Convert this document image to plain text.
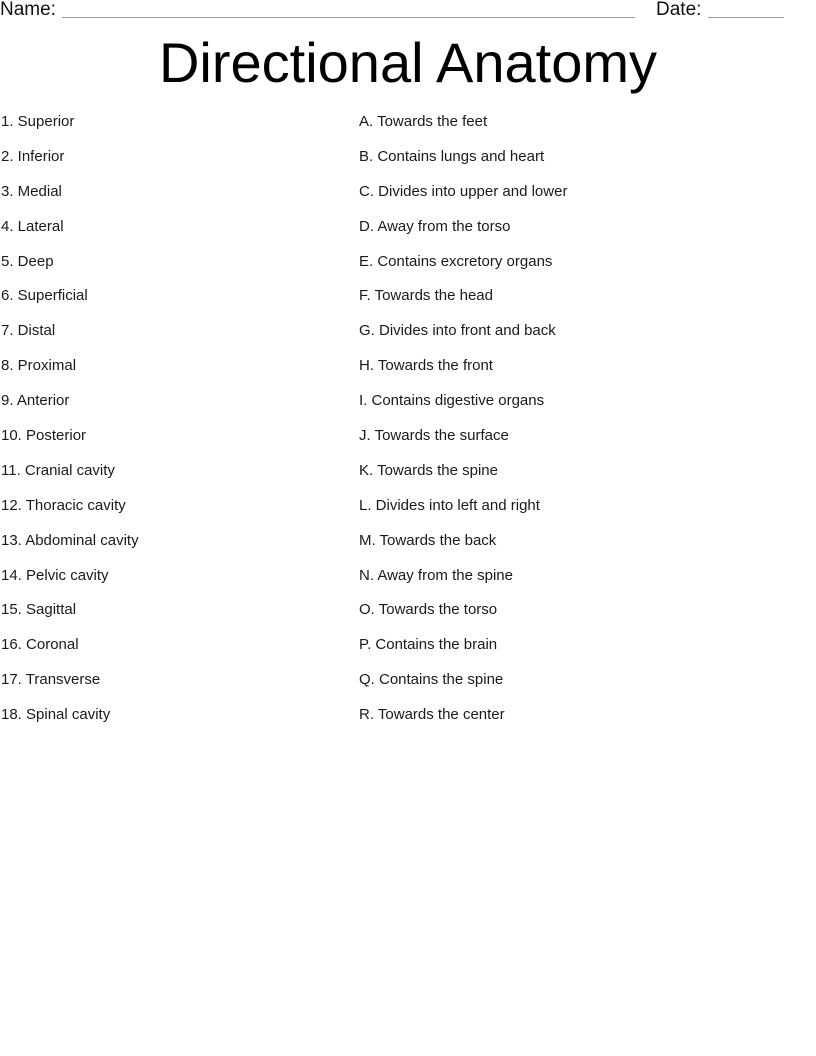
Name:	Date:
Directional Anatomy
1. Superior
2. Inferior
3. Medial
4. Lateral
5. Deep
6. Superficial
7. Distal
8. Proximal
9. Anterior
10. Posterior
11. Cranial cavity
12. Thoracic cavity
13. Abdominal cavity
14. Pelvic cavity
15. Sagittal
16. Coronal
17. Transverse
18. Spinal cavity
A. Towards the feet
B. Contains lungs and heart
C. Divides into upper and lower
D. Away from the torso
E. Contains excretory organs
F. Towards the head
G. Divides into front and back
H. Towards the front
I. Contains digestive organs
J. Towards the surface
K. Towards the spine
L. Divides into left and right
M. Towards the back
N. Away from the spine
O. Towards the torso
P. Contains the brain
Q. Contains the spine
R. Towards the center
